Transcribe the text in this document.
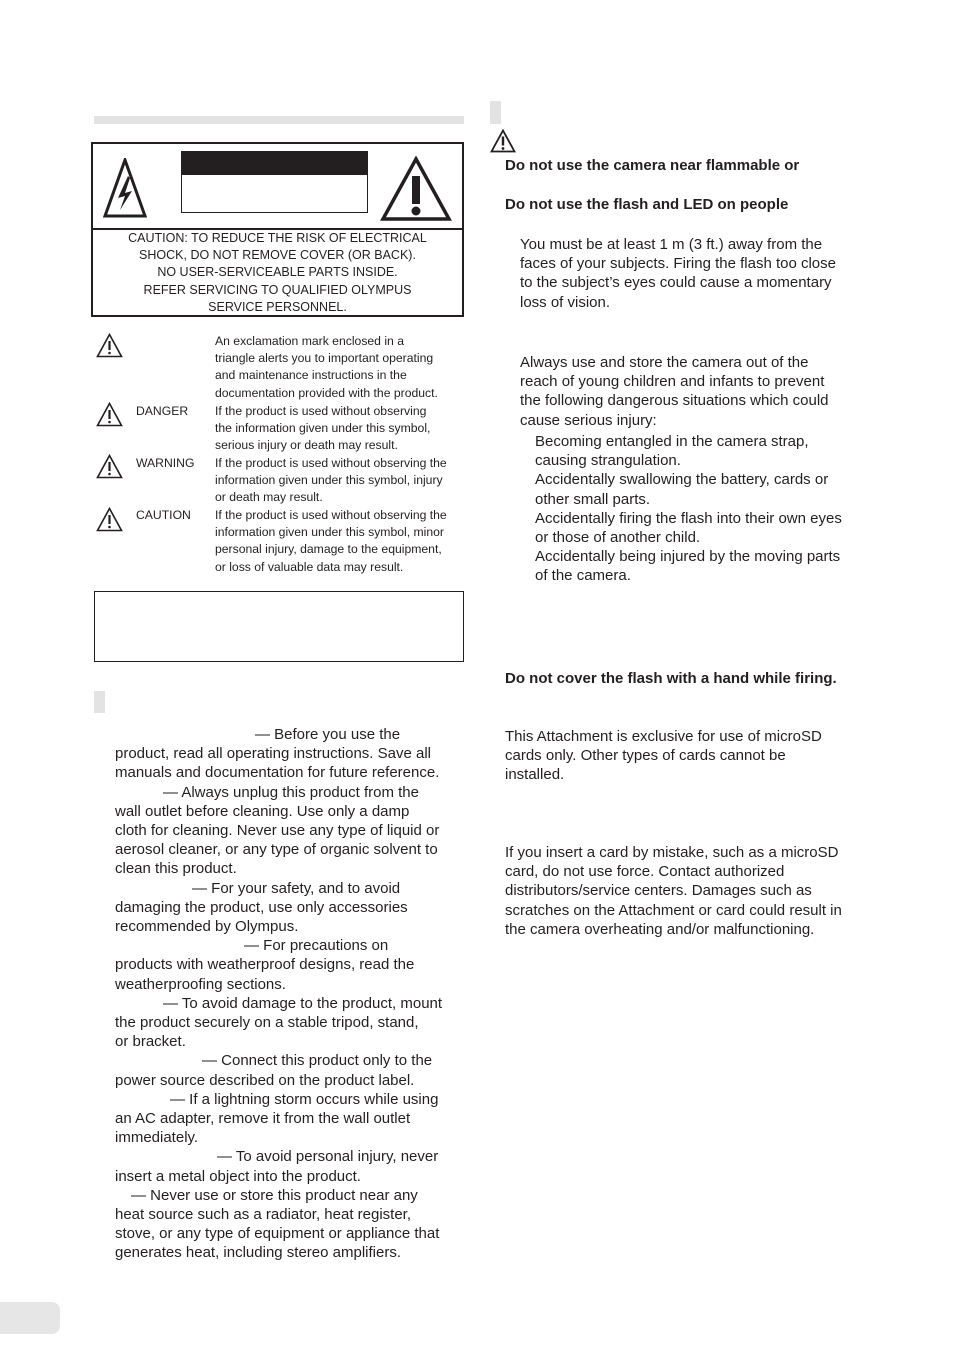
CAUTION: TO REDUCE THE RISK OF ELECTRICAL
SHOCK, DO NOT REMOVE COVER (OR BACK).
NO USER-SERVICEABLE PARTS INSIDE.
REFER SERVICING TO QUALIFIED OLYMPUS
SERVICE PERSONNEL.
An exclamation mark enclosed in a
triangle alerts you to important operating
and maintenance instructions in the
documentation provided with the product.
DANGER If the product is used without observing
the information given under this symbol,
serious injury or death may result.
WARNING If the product is used without observing the
information given under this symbol, injury
or death may result.
CAUTION If the product is used without observing the
information given under this symbol, minor
personal injury, damage to the equipment,
or loss of valuable data may result.
— Before you use the
product, read all operating instructions. Save all
manuals and documentation for future reference.
— Always unplug this product from the
wall outlet before cleaning. Use only a damp
cloth for cleaning. Never use any type of liquid or
aerosol cleaner, or any type of organic solvent to
clean this product.
— For your safety, and to avoid
damaging the product, use only accessories
recommended by Olympus.
— For precautions on
products with weatherproof designs, read the
weatherproofing sections.
— To avoid damage to the product, mount
the product securely on a stable tripod, stand,
or bracket.
— Connect this product only to the
power source described on the product label.
— If a lightning storm occurs while using
an AC adapter, remove it from the wall outlet
immediately.
— To avoid personal injury, never
insert a metal object into the product.
— Never use or store this product near any
heat source such as a radiator, heat register,
stove, or any type of equipment or appliance that
generates heat, including stereo amplifiers.
Do not use the camera near flammable or
Do not use the flash and LED on people
You must be at least 1 m (3 ft.) away from the
faces of your subjects. Firing the flash too close
to the subject’s eyes could cause a momentary
loss of vision.
Always use and store the camera out of the
reach of young children and infants to prevent
the following dangerous situations which could
cause serious injury:
Becoming entangled in the camera strap,
causing strangulation.
Accidentally swallowing the battery, cards or
other small parts.
Accidentally firing the flash into their own eyes
or those of another child.
Accidentally being injured by the moving parts
of the camera.
Do not cover the flash with a hand while firing.
This Attachment is exclusive for use of microSD
cards only. Other types of cards cannot be
installed.
If you insert a card by mistake, such as a microSD
card, do not use force. Contact authorized
distributors/service centers. Damages such as
scratches on the Attachment or card could result in
the camera overheating and/or malfunctioning.
